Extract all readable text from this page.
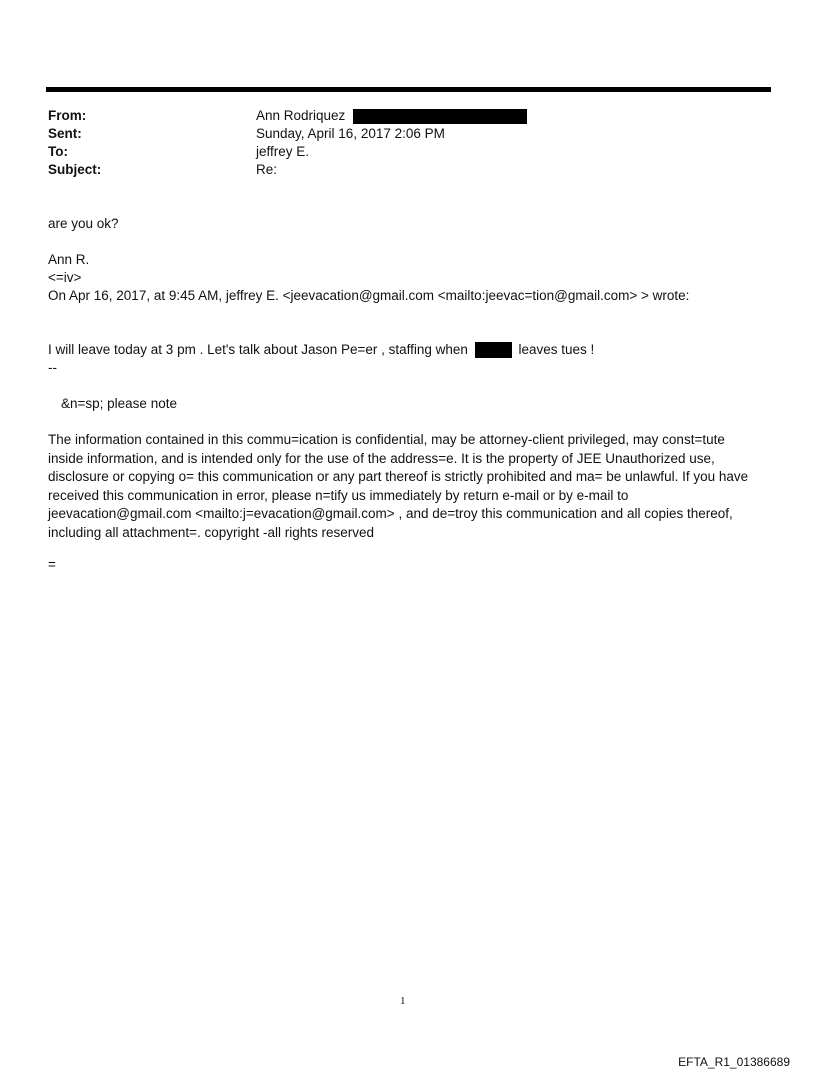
From:	Ann Rodriquez
Sent:	Sunday, April 16, 2017 2:06 PM
To:	jeffrey E.
Subject:	Re:
are you ok?
Ann R.
<=iv>
On Apr 16, 2017, at 9:45 AM, jeffrey E. <jeevacation@gmail.com <mailto:jeevac=tion@gmail.com> > wrote:
I will leave today at 3 pm . Let's talk about Jason Pe=er , staffing when	leaves tues !
--
&n=sp; please note
The information contained in this commu=ication is confidential, may be attorney-client privileged, may const=tute inside information, and is intended only for the use of the address=e. It is the property of JEE Unauthorized use, disclosure or copying o= this communication or any part thereof is strictly prohibited and ma= be unlawful. If you have received this communication in error, please n=tify us immediately by return e-mail or by e-mail to jeevacation@gmail.com <mailto:j=evacation@gmail.com> , and de=troy this communication and all copies thereof, including all attachment=. copyright -all rights reserved
=
1
EFTA_R1_01386689
